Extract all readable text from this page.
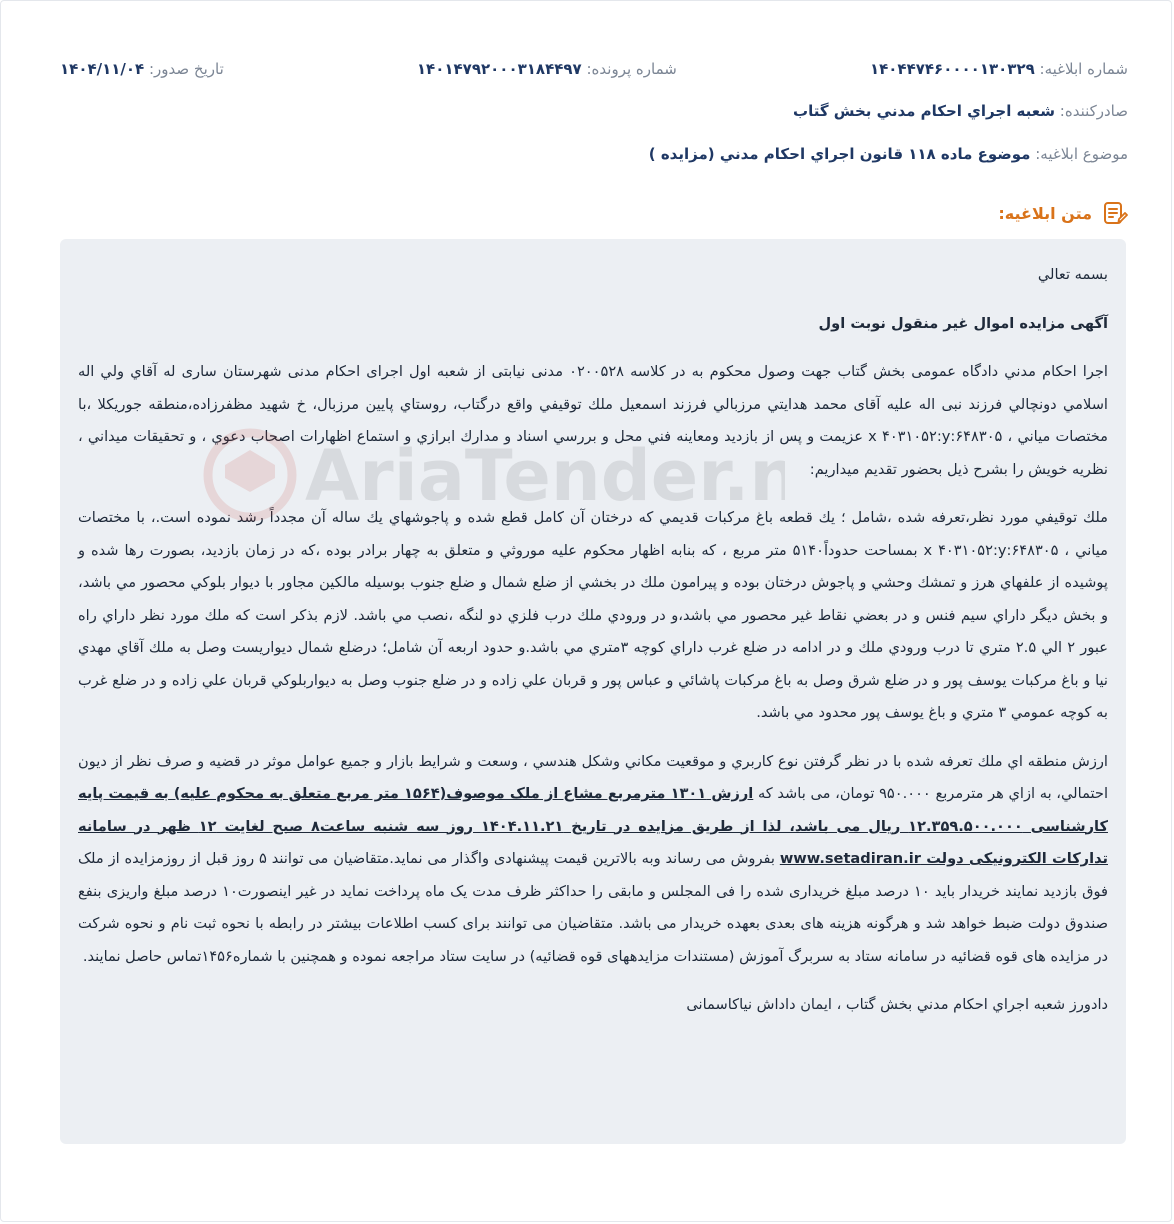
شماره ابلاغيه: ۱۴۰۴۴۷۴۶۰۰۰۰۱۳۰۳۲۹
شماره پرونده: ۱۴۰۱۴۷۹۲۰۰۰۳۱۸۴۴۹۷
تاريخ صدور: ۱۴۰۴/۱۱/۰۴
صادرکننده: شعبه اجراي احکام مدني بخش گتاب
موضوع ابلاغيه: موضوع ماده ۱۱۸ قانون اجراي احکام مدني (مزايده )
متن ابلاغيه:

بسمه تعالي

آگهی مزایده اموال غیر منقول نوبت اول

اجرا احكام مدني دادگاه عمومی بخش گتاب جهت وصول محکوم به در کلاسه ۰۲۰۰۵۲۸ مدنی نیابتی از شعبه اول اجرای احکام مدنی شهرستان ساری له آقاي ولي اله اسلامي دونچالي فرزند نبی اله علیه آقای محمد هدايتي مرزبالي فرزند اسمعيل ملك توقيفي واقع درگتاب، روستاي پايين مرزبال، خ شهيد مظفرزاده،منطقه جوريكلا ،با مختصات مياني ، ۶۴۸۳۰۵:x ۴۰۳۱۰۵۲:y عزيمت و پس از بازديد ومعاينه فني محل و بررسي اسناد و مدارك ابرازي و استماع اظهارات اصحاب دعوي ، و تحقيقات ميداني ، نظريه خويش را بشرح ذيل بحضور تقديم ميداريم:

ملك توقيفي مورد نظر،تعرفه شده ،شامل ؛ يك قطعه باغ مركبات قديمي كه درختان آن كامل قطع شده و پاجوشهاي يك ساله آن مجدداً رشد نموده است.، با مختصات مياني ، ۶۴۸۳۰۵:x ۴۰۳۱۰۵۲:y بمساحت حدوداً۵۱۴۰ متر مربع ، كه بنابه اظهار محكوم عليه موروثي و متعلق به چهار برادر بوده ،كه در زمان بازديد، بصورت رها شده و پوشيده از علفهاي هرز و تمشك وحشي و پاجوش درختان بوده و پيرامون ملك در بخشي از ضلع شمال و ضلع جنوب بوسيله مالكين مجاور با ديوار بلوكي محصور مي باشد، و بخش ديگر داراي سيم فنس و در بعضي نقاط غير محصور مي باشد،و در ورودي ملك درب فلزي دو لنگه ،نصب مي باشد. لازم بذكر است كه ملك مورد نظر داراي راه عبور ۲ الي ۲.۵ متري تا درب ورودي ملك و در ادامه در ضلع غرب داراي كوچه ۳متري مي باشد.و حدود اربعه آن شامل؛ درضلع شمال ديواريست وصل به ملك آقاي مهدي نيا و باغ مركبات يوسف پور و در ضلع شرق وصل به باغ مركبات پاشائي و عباس پور و قربان علي زاده و در ضلع جنوب وصل به ديواربلوكي قربان علي زاده و در ضلع غرب به كوچه عمومي ۳ متري و باغ يوسف پور محدود مي باشد.

ارزش منطقه اي ملك تعرفه شده با در نظر گرفتن نوع كاربري و موقعيت مكاني وشكل هندسي ، وسعت و شرايط بازار و جميع عوامل موثر در قضيه و صرف نظر از ديون احتمالي، به ازاي هر مترمربع ۹۵۰.۰۰۰ تومان، می باشد که ارزش ۱۳۰۱ مترمربع مشاع از ملک موصوف(۱۵۶۴ متر مربع متعلق به محکوم علیه) به قیمت پایه کارشناسی ۱۲.۳۵۹.۵۰۰.۰۰۰ ریال می باشد، لذا از طریق مزایده در تاریخ ۱۴۰۴.۱۱.۲۱ روز سه شنبه ساعت۸ صبح لغایت ۱۲ ظهر در سامانه تدارکات الکترونیکی دولت www.setadiran.ir بفروش می رساند وبه بالاترین قیمت پیشنهادی واگذار می نماید.متقاضیان می توانند ۵ روز قبل از روزمزایده از ملک فوق بازدید نمایند خریدار باید ۱۰ درصد مبلغ خریداری شده را فی المجلس و مابقی را حداکثر ظرف مدت یک ماه پرداخت نماید در غیر اینصورت۱۰ درصد مبلغ واریزی بنفع صندوق دولت ضبط خواهد شد و هرگونه هزینه های بعدی بعهده خریدار می باشد. متقاضیان می توانند برای کسب اطلاعات بیشتر در رابطه با نحوه ثبت نام و نحوه شرکت در مزایده های قوه قضائیه در سامانه ستاد به سربرگ آموزش (مستندات مزایدههای قوه قضائیه) در سایت ستاد مراجعه نموده و همچنین با شماره۱۴۵۶تماس حاصل نمایند.

دادورز شعبه اجراي احکام مدني بخش گتاب ، ایمان داداش نیاکاسمانی
